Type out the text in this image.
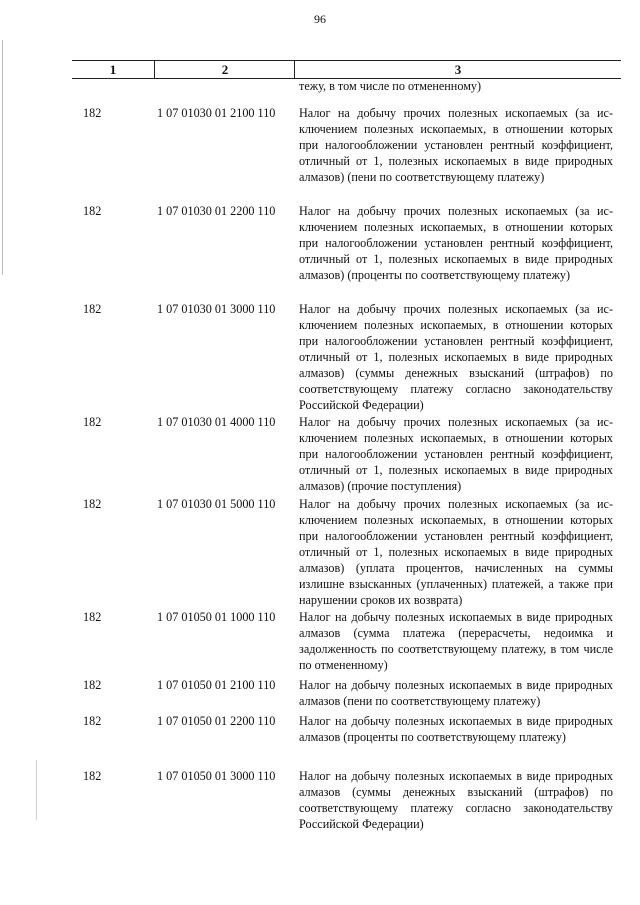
96
1	2	3
тежу, в том числе по отмененному)
182	1 07 01030 01 2100 110	Налог на добычу прочих полезных ископаемых (за исключением полезных ископаемых, в отношении которых при налогообложении установлен рентный коэффициент, отличный от 1, полезных ископаемых в виде природных алмазов) (пени по соответствующему платежу)
182	1 07 01030 01 2200 110	Налог на добычу прочих полезных ископаемых (за исключением полезных ископаемых, в отношении которых при налогообложении установлен рентный коэффициент, отличный от 1, полезных ископаемых в виде природных алмазов) (проценты по соответствующему платежу)
182	1 07 01030 01 3000 110	Налог на добычу прочих полезных ископаемых (за исключением полезных ископаемых, в отношении которых при налогообложении установлен рентный коэффициент, отличный от 1, полезных ископаемых в виде природных алмазов) (суммы денежных взысканий (штрафов) по соответствующему платежу согласно законодательству Российской Федерации)
182	1 07 01030 01 4000 110	Налог на добычу прочих полезных ископаемых (за исключением полезных ископаемых, в отношении которых при налогообложении установлен рентный коэффициент, отличный от 1, полезных ископаемых в виде природных алмазов) (прочие поступления)
182	1 07 01030 01 5000 110	Налог на добычу прочих полезных ископаемых (за исключением полезных ископаемых, в отношении которых при налогообложении установлен рентный коэффициент, отличный от 1, полезных ископаемых в виде природных алмазов) (уплата процентов, начисленных на суммы излишне взысканных (уплаченных) платежей, а также при нарушении сроков их возврата)
182	1 07 01050 01 1000 110	Налог на добычу полезных ископаемых в виде природных алмазов (сумма платежа (перерасчеты, недоимка и задолженность по соответствующему платежу, в том числе по отмененному)
182	1 07 01050 01 2100 110	Налог на добычу полезных ископаемых в виде природных алмазов (пени по соответствующему платежу)
182	1 07 01050 01 2200 110	Налог на добычу полезных ископаемых в виде природных алмазов (проценты по соответствующему платежу)
182	1 07 01050 01 3000 110	Налог на добычу полезных ископаемых в виде природных алмазов (суммы денежных взысканий (штрафов) по соответствующему платежу согласно законодательству Российской Федерации)
